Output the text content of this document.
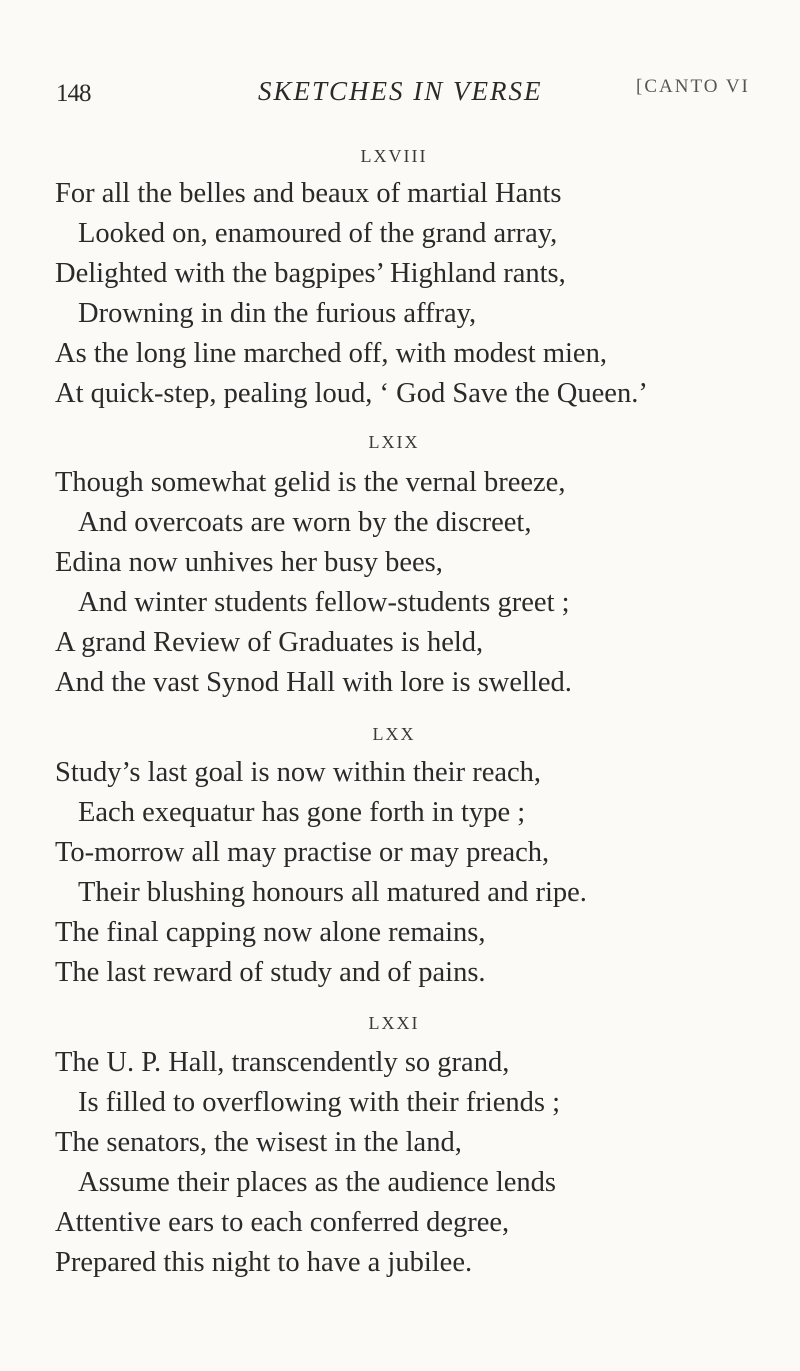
148	SKETCHES IN VERSE	[CANTO VI
LXVIII
For all the belles and beaux of martial Hants
Looked on, enamoured of the grand array,
Delighted with the bagpipes’ Highland rants,
Drowning in din the furious affray,
As the long line marched off, with modest mien,
At quick-step, pealing loud, ‘ God Save the Queen.’
LXIX
Though somewhat gelid is the vernal breeze,
And overcoats are worn by the discreet,
Edina now unhives her busy bees,
And winter students fellow-students greet ;
A grand Review of Graduates is held,
And the vast Synod Hall with lore is swelled.
LXX
Study’s last goal is now within their reach,
Each exequatur has gone forth in type ;
To-morrow all may practise or may preach,
Their blushing honours all matured and ripe.
The final capping now alone remains,
The last reward of study and of pains.
LXXI
The U. P. Hall, transcendently so grand,
Is filled to overflowing with their friends ;
The senators, the wisest in the land,
Assume their places as the audience lends
Attentive ears to each conferred degree,
Prepared this night to have a jubilee.
